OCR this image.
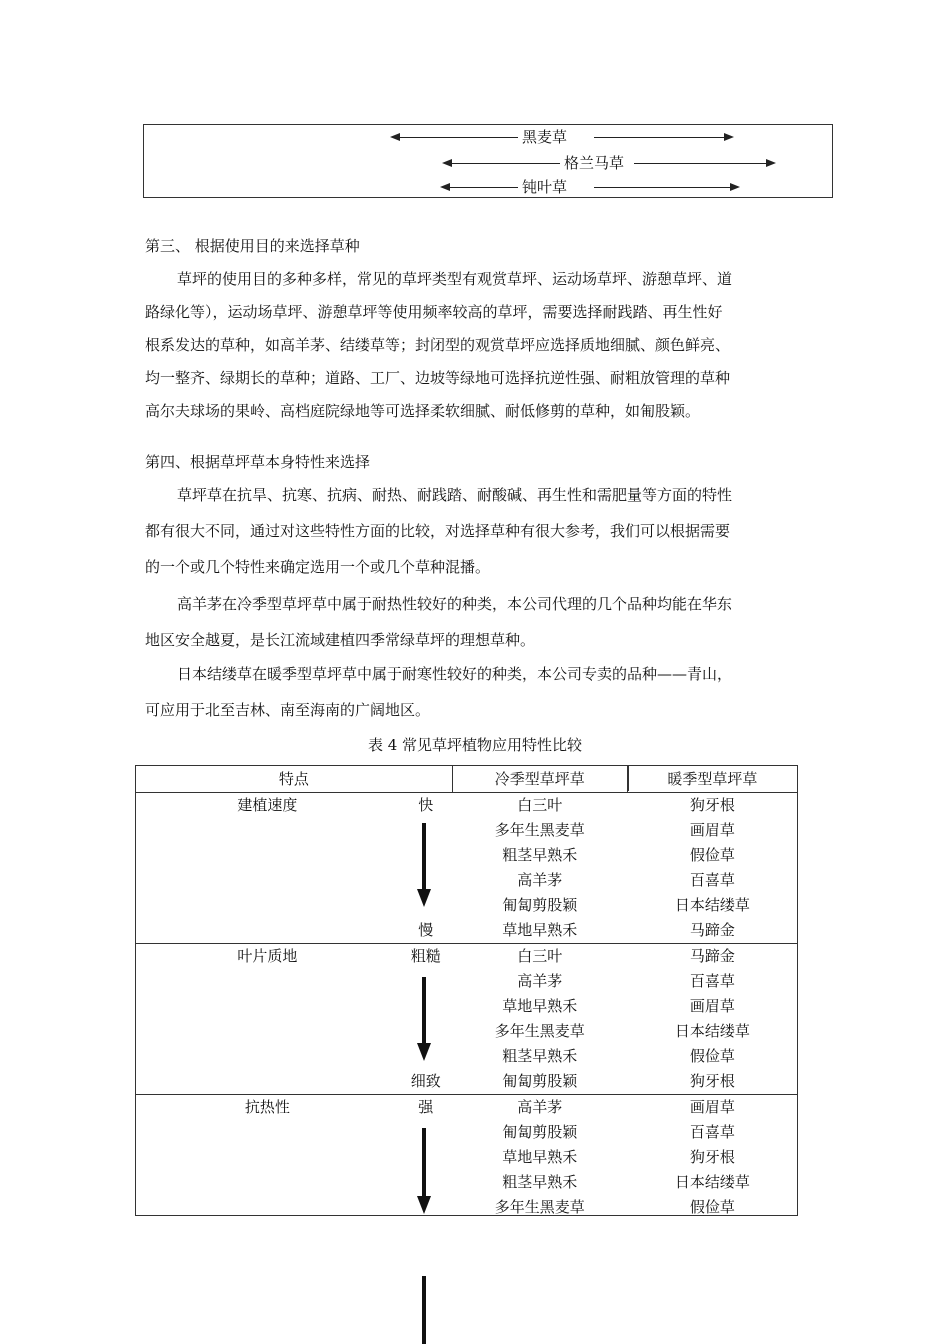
黑麦草
格兰马草
钝叶草
第三、 根据使用目的来选择草种

草坪的使用目的多种多样，常见的草坪类型有观赏草坪、运动场草坪、游憩草坪、道

路绿化等），运动场草坪、游憩草坪等使用频率较高的草坪，需要选择耐践踏、再生性好

根系发达的草种，如高羊茅、结缕草等；封闭型的观赏草坪应选择质地细腻、颜色鲜亮、

均一整齐、绿期长的草种；道路、工厂、边坡等绿地可选择抗逆性强、耐粗放管理的草种

高尔夫球场的果岭、高档庭院绿地等可选择柔软细腻、耐低修剪的草种，如匍股颖。

第四、根据草坪草本身特性来选择

草坪草在抗旱、抗寒、抗病、耐热、耐践踏、耐酸碱、再生性和需肥量等方面的特性

都有很大不同，通过对这些特性方面的比较，对选择草种有很大参考，我们可以根据需要

的一个或几个特性来确定选用一个或几个草种混播。

高羊茅在冷季型草坪草中属于耐热性较好的种类，本公司代理的几个品种均能在华东

地区安全越夏，是长江流域建植四季常绿草坪的理想草种。

日本结缕草在暖季型草坪草中属于耐寒性较好的种类，本公司专卖的品种——青山，

可应用于北至吉林、南至海南的广阔地区。

表 4 常见草坪植物应用特性比较
特点		冷季型草坪草	暖季型草坪草
建植速度	快	白三叶	狗牙根
		多年生黑麦草	画眉草
		粗茎早熟禾	假俭草
		高羊茅	百喜草
		匍匐剪股颖	日本结缕草
	慢	草地早熟禾	马蹄金
叶片质地	粗糙	白三叶	马蹄金
		高羊茅	百喜草
		草地早熟禾	画眉草
		多年生黑麦草	日本结缕草
		粗茎早熟禾	假俭草
	细致	匍匐剪股颖	狗牙根
抗热性	强	高羊茅	画眉草
		匍匐剪股颖	百喜草
		草地早熟禾	狗牙根
		粗茎早熟禾	日本结缕草
		多年生黑麦草	假俭草
